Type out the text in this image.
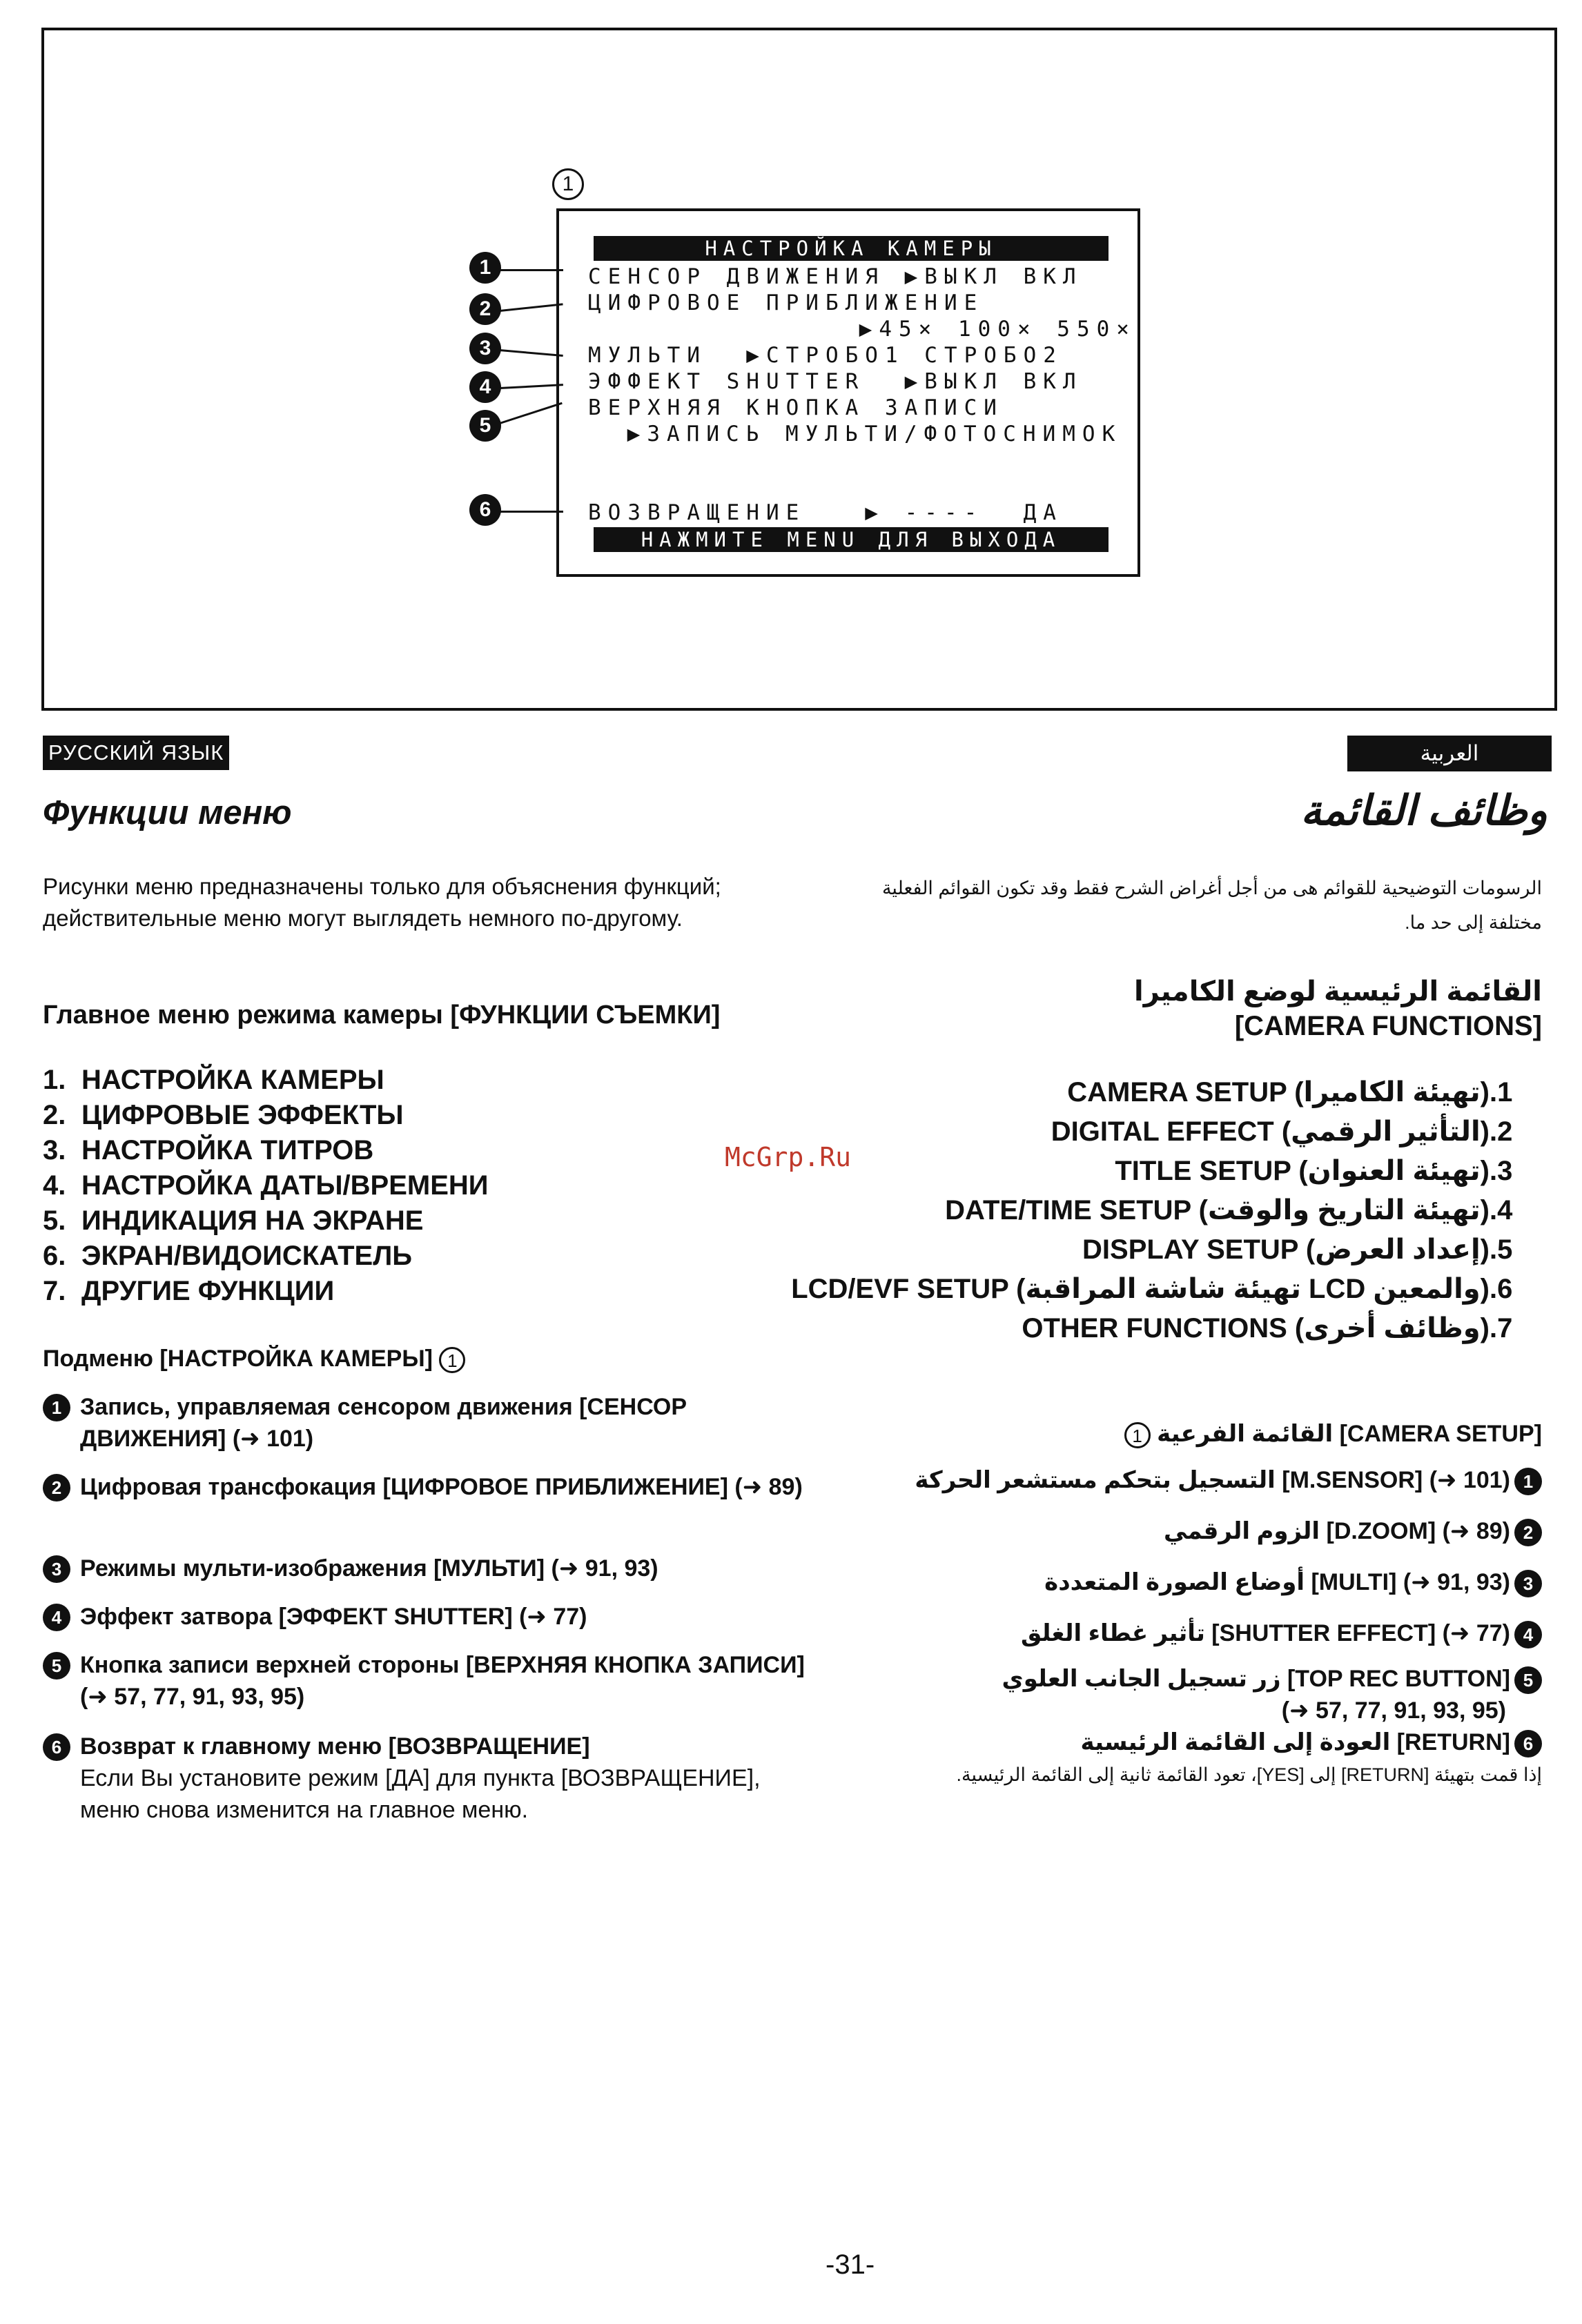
1
НАСТРОЙКА КАМЕРЫ
СЕНСОР ДВИЖЕНИЯ ▶ВЫКЛ ВКЛ
ЦИФРОВОЕ ПРИБЛИЖЕНИЕ
▶45× 100× 550×
МУЛЬТИ  ▶СТРОБО1 СТРОБО2
ЭФФЕКТ SHUTTER  ▶ВЫКЛ ВКЛ
ВЕРХНЯЯ КНОПКА ЗАПИСИ
▶ЗАПИСЬ МУЛЬТИ/ФОТОСНИМОК
ВОЗВРАЩЕНИЕ   ▶ ----  ДА
НАЖМИТЕ MENU ДЛЯ ВЫХОДА
1
2
3
4
5
6
РУССКИЙ ЯЗЫК	العربية
Функции меню	وظائف القائمة
Рисунки меню предназначены только для объяснения функций; действительные меню могут выглядеть немного по-другому.
Главное меню режима камеры [ФУНКЦИИ СЪЕМКИ]
1. НАСТРОЙКА КАМЕРЫ
2. ЦИФРОВЫЕ ЭФФЕКТЫ
3. НАСТРОЙКА ТИТРОВ
4. НАСТРОЙКА ДАТЫ/ВРЕМЕНИ
5. ИНДИКАЦИЯ НА ЭКРАНЕ
6. ЭКРАН/ВИДОИСКАТЕЛЬ
7. ДРУГИЕ ФУНКЦИИ
Подменю [НАСТРОЙКА КАМЕРЫ] 1
1 Запись, управляемая сенсором движения [СЕНСОР ДВИЖЕНИЯ] (➜ 101)
2 Цифровая трансфокация [ЦИФРОВОЕ ПРИБЛИЖЕНИЕ] (➜ 89)
3 Режимы мульти-изображения [МУЛЬТИ] (➜ 91, 93)
4 Эффект затвора [ЭФФЕКТ SHUTTER] (➜ 77)
5 Кнопка записи верхней стороны [ВЕРХНЯЯ КНОПКА ЗАПИСИ] (➜ 57, 77, 91, 93, 95)
6 Возврат к главному меню [ВОЗВРАЩЕНИЕ]
Если Вы установите режим [ДА] для пункта [ВОЗВРАЩЕНИЕ], меню снова изменится на главное меню.
McGrp.Ru
الرسومات التوضيحية للقوائم هى من أجل أغراض الشرح فقط وقد تكون القوائم الفعلية مختلفة إلى حد ما.
القائمة الرئيسية لوضع الكاميرا
[CAMERA FUNCTIONS]
CAMERA SETUP (تهيئة الكاميرا).1
DIGITAL EFFECT (التأثير الرقمي).2
TITLE SETUP (تهيئة العنوان).3
DATE/TIME SETUP (تهيئة التاريخ والوقت).4
DISPLAY SETUP (إعداد العرض).5
LCD/EVF SETUP (تهيئة شاشة المراقبة LCD والمعين).6
OTHER FUNCTIONS (وظائف أخرى).7
1 القائمة الفرعية [CAMERA SETUP]
التسجيل بتحكم مستشعر الحركة [M.SENSOR] (➜ 101) 1
الزوم الرقمي [D.ZOOM] (➜ 89) 2
أوضاع الصورة المتعددة [MULTI] (➜ 91, 93) 3
تأثير غطاء الغلق [SHUTTER EFFECT] (➜ 77) 4
زر تسجيل الجانب العلوي [TOP REC BUTTON] 5
(➜ 57, 77, 91, 93, 95)
العودة إلى القائمة الرئيسية [RETURN] 6
إذا قمت بتهيئة [RETURN] إلى [YES]، تعود القائمة ثانية إلى القائمة الرئيسية.
-31-
